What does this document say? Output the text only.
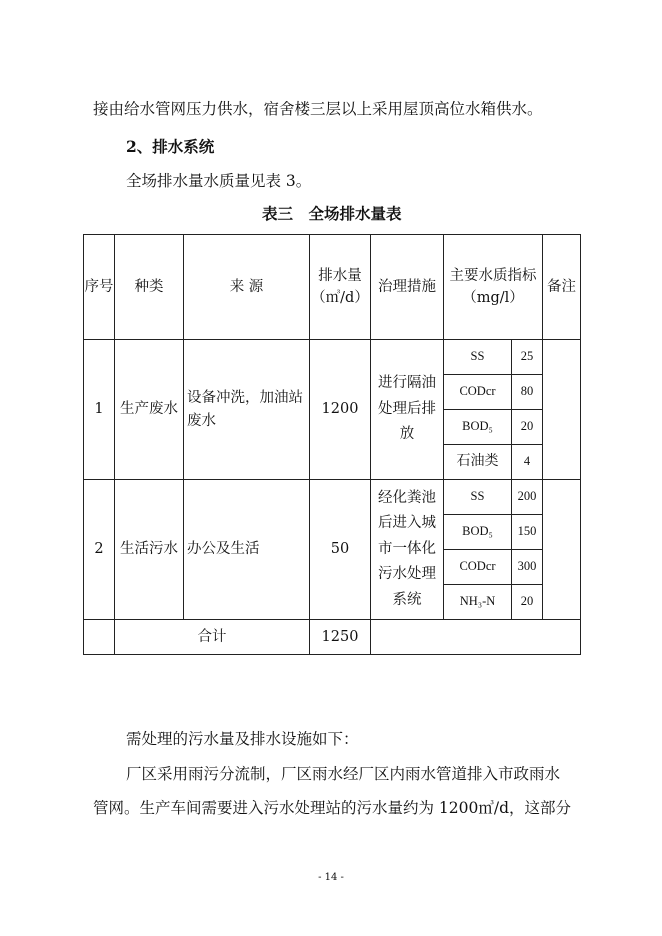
接由给水管网压力供水，宿舍楼三层以上采用屋顶高位水箱供水。
2、排水系统
全场排水量水质量见表 3。
表三　全场排水量表
序号	种类	来 源	排水量（㎥/d）	治理措施	主要水质指标（mg/l）		备注
1	生产废水	设备冲洗，加油站废水	1200	进行隔油处理后排放	SS	25	
					CODcr	80	
					BOD₅	20	
					石油类	4	
2	生活污水	办公及生活	50	经化粪池后进入城市一体化污水处理系统	SS	200	
					BOD₅	150	
					CODcr	300	
					NH₃-N	20	
	合计		1250				
需处理的污水量及排水设施如下：
厂区采用雨污分流制，厂区雨水经厂区内雨水管道排入市政雨水
管网。生产车间需要进入污水处理站的污水量约为 1200㎥/d，这部分
- 14 -
